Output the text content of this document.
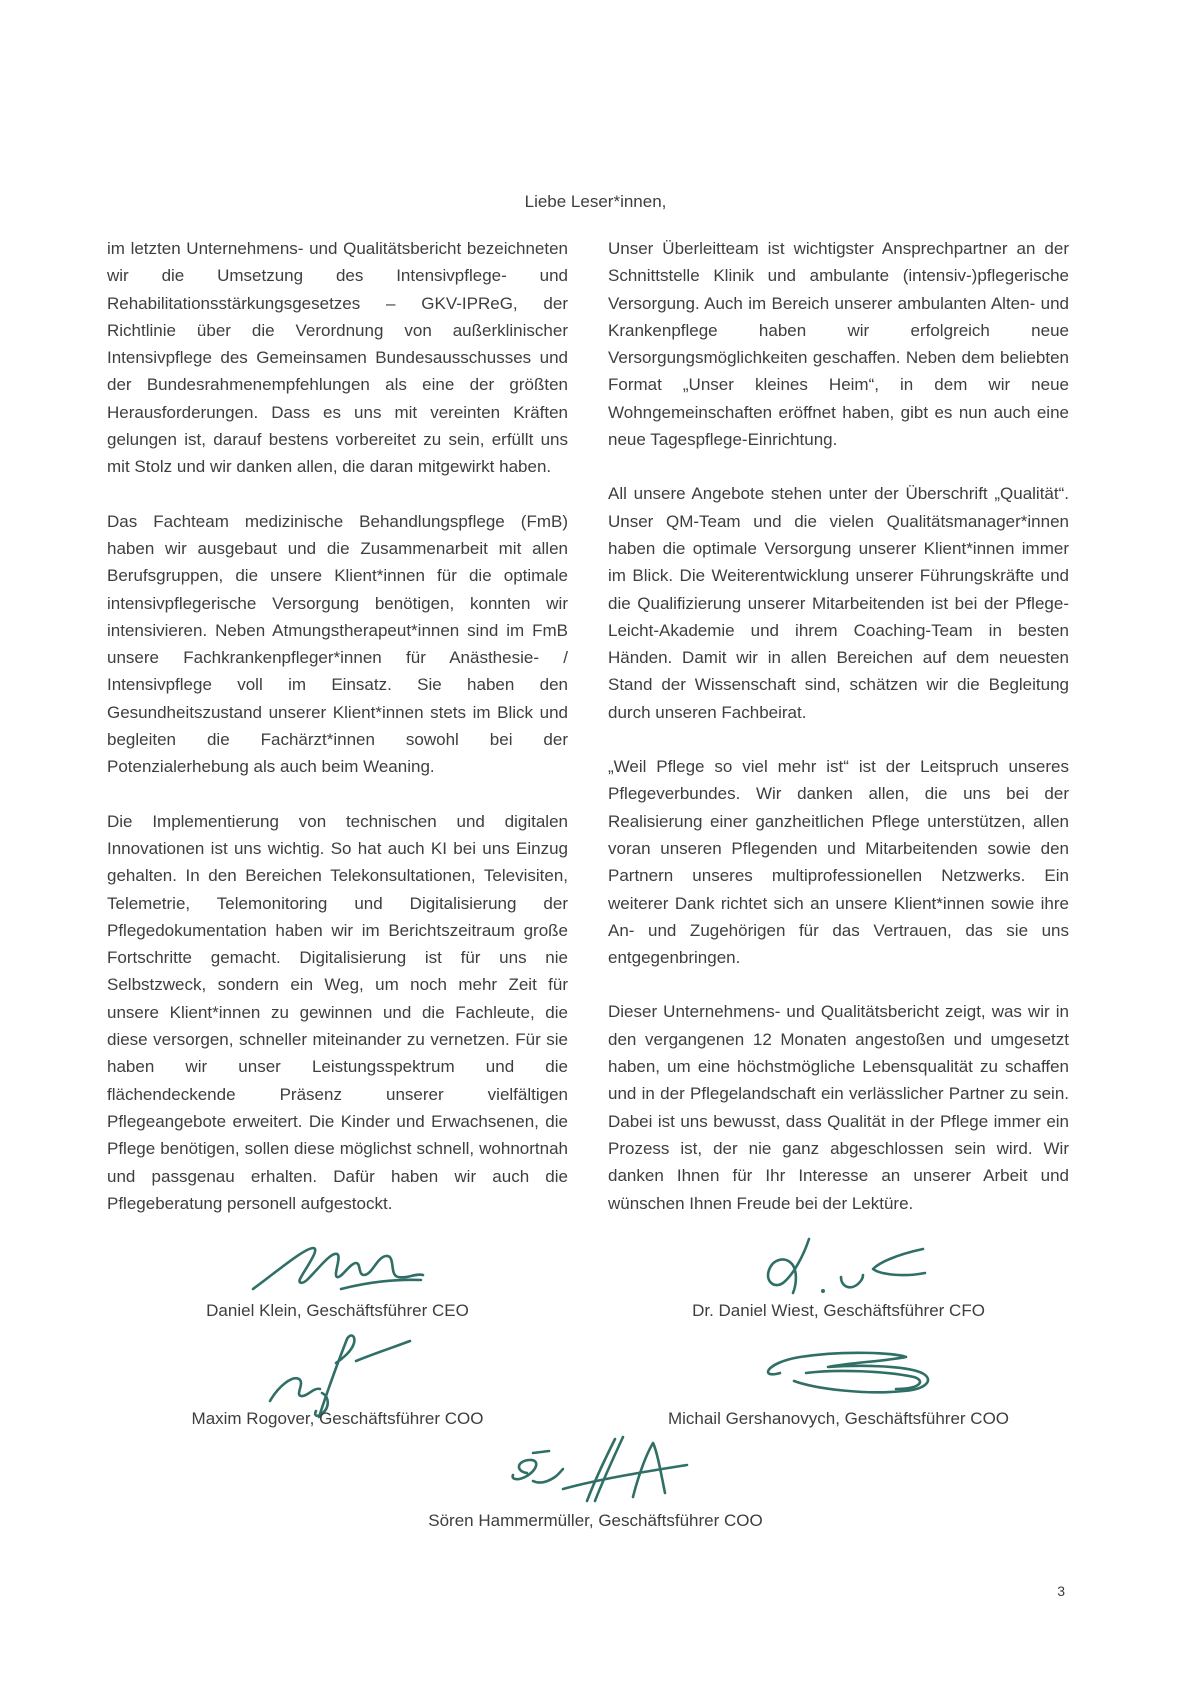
Liebe Leser*innen,

im letzten Unternehmens- und Qualitätsbericht bezeichneten wir die Umsetzung des Intensivpflege- und Rehabilitationsstärkungsgesetzes – GKV-IPReG, der Richtlinie über die Verordnung von außerklinischer Intensivpflege des Gemeinsamen Bundesausschusses und der Bundesrahmenempfehlungen als eine der größten Herausforderungen. Dass es uns mit vereinten Kräften gelungen ist, darauf bestens vorbereitet zu sein, erfüllt uns mit Stolz und wir danken allen, die daran mitgewirkt haben.

Das Fachteam medizinische Behandlungspflege (FmB) haben wir ausgebaut und die Zusammenarbeit mit allen Berufsgruppen, die unsere Klient*innen für die optimale intensivpflegerische Versorgung benötigen, konnten wir intensivieren. Neben Atmungstherapeut*innen sind im FmB unsere Fachkrankenpfleger*innen für Anästhesie- / Intensivpflege voll im Einsatz. Sie haben den Gesundheitszustand unserer Klient*innen stets im Blick und begleiten die Fachärzt*innen sowohl bei der Potenzialerhebung als auch beim Weaning.

Die Implementierung von technischen und digitalen Innovationen ist uns wichtig. So hat auch KI bei uns Einzug gehalten. In den Bereichen Telekonsultationen, Televisiten, Telemetrie, Telemonitoring und Digitalisierung der Pflegedokumentation haben wir im Berichtszeitraum große Fortschritte gemacht. Digitalisierung ist für uns nie Selbstzweck, sondern ein Weg, um noch mehr Zeit für unsere Klient*innen zu gewinnen und die Fachleute, die diese versorgen, schneller miteinander zu vernetzen. Für sie haben wir unser Leistungsspektrum und die flächendeckende Präsenz unserer vielfältigen Pflegeangebote erweitert. Die Kinder und Erwachsenen, die Pflege benötigen, sollen diese möglichst schnell, wohnortnah und passgenau erhalten. Dafür haben wir auch die Pflegeberatung personell aufgestockt.

Unser Überleitteam ist wichtigster Ansprechpartner an der Schnittstelle Klinik und ambulante (intensiv-)pflegerische Versorgung. Auch im Bereich unserer ambulanten Alten- und Krankenpflege haben wir erfolgreich neue Versorgungsmöglichkeiten geschaffen. Neben dem beliebten Format „Unser kleines Heim“, in dem wir neue Wohngemeinschaften eröffnet haben, gibt es nun auch eine neue Tagespflege-Einrichtung.

All unsere Angebote stehen unter der Überschrift „Qualität“. Unser QM-Team und die vielen Qualitätsmanager*innen haben die optimale Versorgung unserer Klient*innen immer im Blick. Die Weiterentwicklung unserer Führungskräfte und die Qualifizierung unserer Mitarbeitenden ist bei der Pflege-Leicht-Akademie und ihrem Coaching-Team in besten Händen. Damit wir in allen Bereichen auf dem neuesten Stand der Wissenschaft sind, schätzen wir die Begleitung durch unseren Fachbeirat.

„Weil Pflege so viel mehr ist“ ist der Leitspruch unseres Pflegeverbundes. Wir danken allen, die uns bei der Realisierung einer ganzheitlichen Pflege unterstützen, allen voran unseren Pflegenden und Mitarbeitenden sowie den Partnern unseres multiprofessionellen Netzwerks. Ein weiterer Dank richtet sich an unsere Klient*innen sowie ihre An- und Zugehörigen für das Vertrauen, das sie uns entgegenbringen.

Dieser Unternehmens- und Qualitätsbericht zeigt, was wir in den vergangenen 12 Monaten angestoßen und umgesetzt haben, um eine höchstmögliche Lebensqualität zu schaffen und in der Pflegelandschaft ein verlässlicher Partner zu sein. Dabei ist uns bewusst, dass Qualität in der Pflege immer ein Prozess ist, der nie ganz abgeschlossen sein wird. Wir danken Ihnen für Ihr Interesse an unserer Arbeit und wünschen Ihnen Freude bei der Lektüre.

Daniel Klein, Geschäftsführer CEO	Dr. Daniel Wiest, Geschäftsführer CFO
Maxim Rogover, Geschäftsführer COO	Michail Gershanovych, Geschäftsführer COO
Sören Hammermüller, Geschäftsführer COO
3
